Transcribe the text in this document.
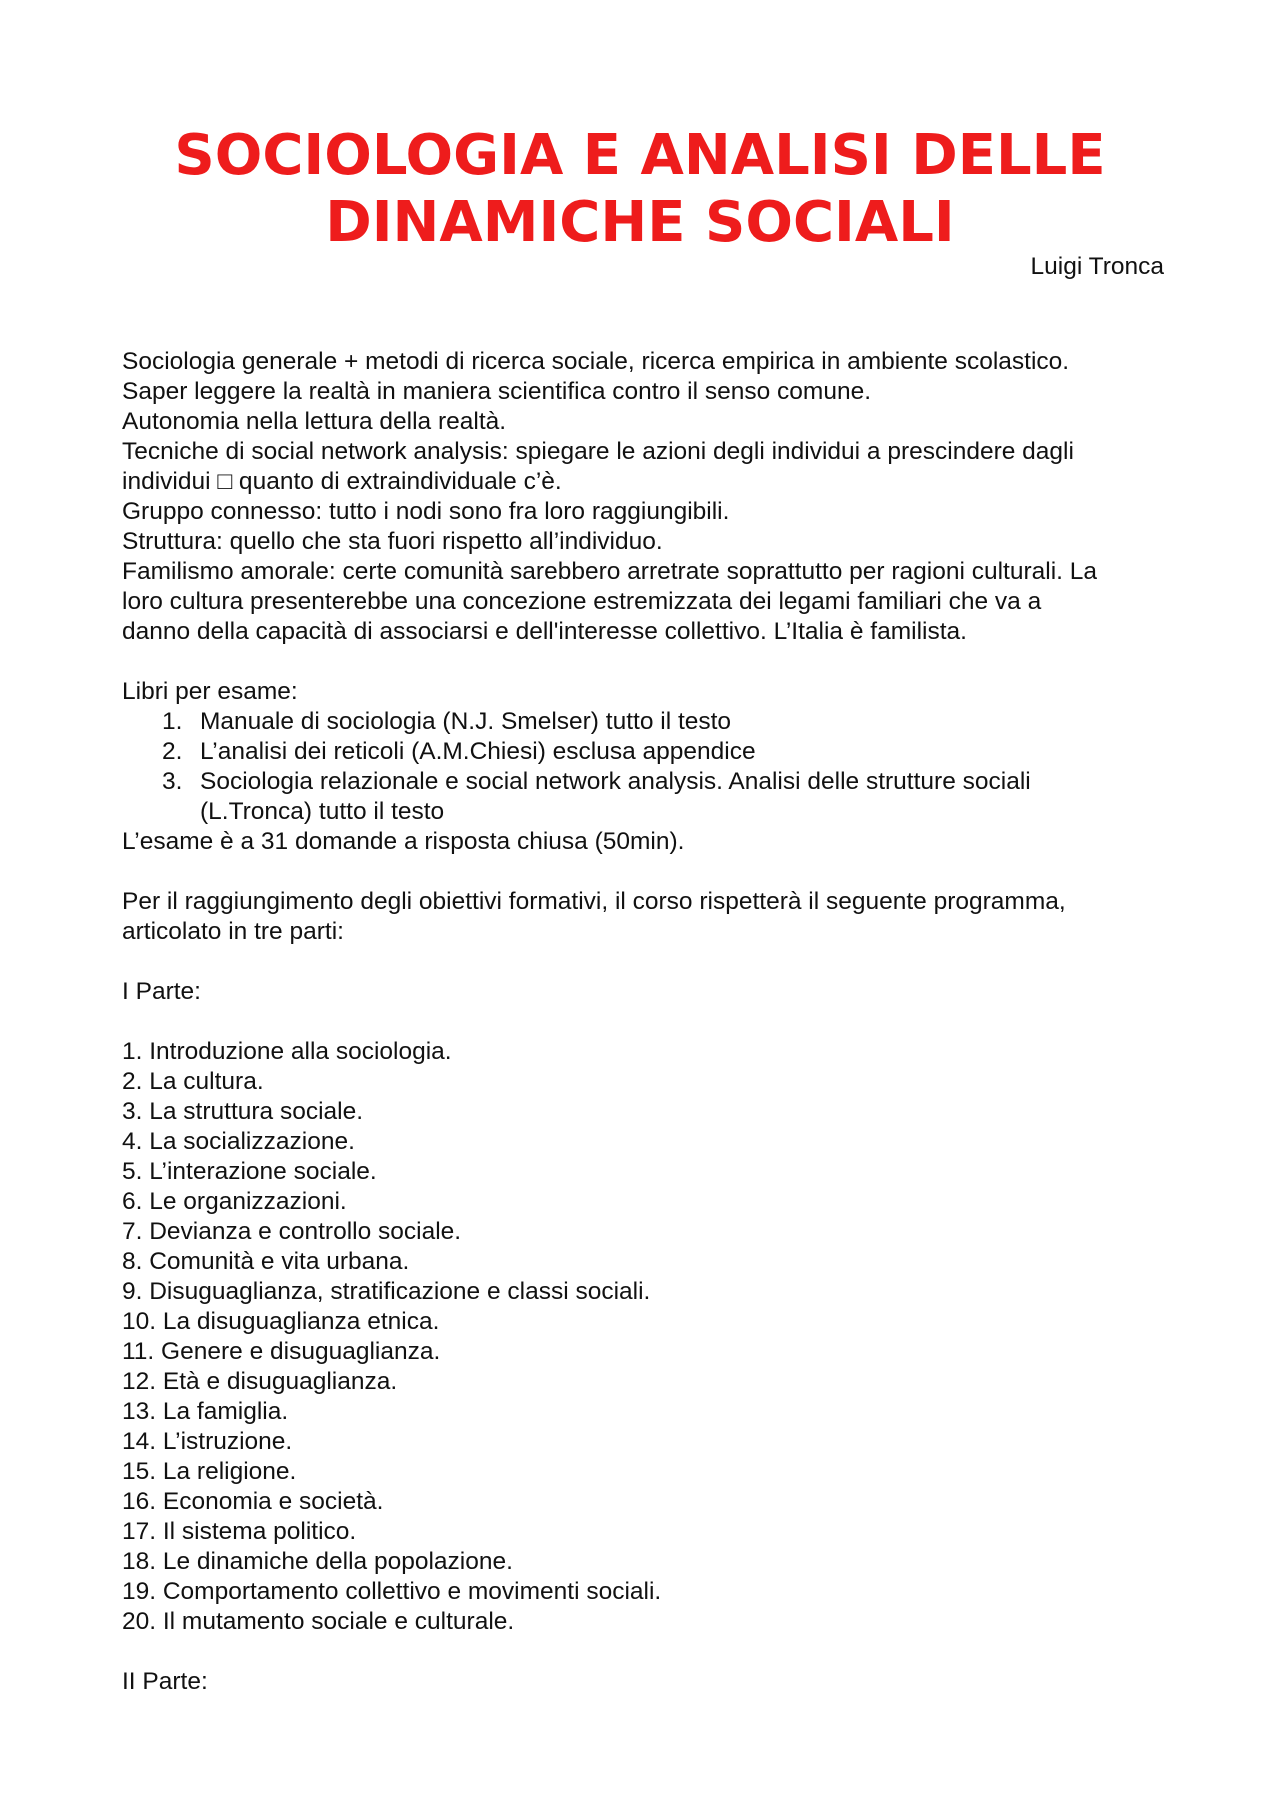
SOCIOLOGIA E ANALISI DELLE DINAMICHE SOCIALI

Luigi Tronca

Sociologia generale + metodi di ricerca sociale, ricerca empirica in ambiente scolastico.

Saper leggere la realtà in maniera scientifica contro il senso comune.

Autonomia nella lettura della realtà.

Tecniche di social network analysis: spiegare le azioni degli individui a prescindere dagli

individui □ quanto di extraindividuale c’è.

Gruppo connesso: tutto i nodi sono fra loro raggiungibili.

Struttura: quello che sta fuori rispetto all’individuo.

Familismo amorale: certe comunità sarebbero arretrate soprattutto per ragioni culturali. La

loro cultura presenterebbe una concezione estremizzata dei legami familiari che va a

danno della capacità di associarsi e dell'interesse collettivo. L’Italia è familista.

Libri per esame:

1. Manuale di sociologia (N.J. Smelser) tutto il testo

2. L’analisi dei reticoli (A.M.Chiesi) esclusa appendice

3. Sociologia relazionale e social network analysis. Analisi delle strutture sociali

(L.Tronca) tutto il testo

L’esame è a 31 domande a risposta chiusa (50min).

Per il raggiungimento degli obiettivi formativi, il corso rispetterà il seguente programma,

articolato in tre parti:

I Parte:

1. Introduzione alla sociologia.

2. La cultura.

3. La struttura sociale.

4. La socializzazione.

5. L’interazione sociale.

6. Le organizzazioni.

7. Devianza e controllo sociale.

8. Comunità e vita urbana.

9. Disuguaglianza, stratificazione e classi sociali.

10. La disuguaglianza etnica.

11. Genere e disuguaglianza.

12. Età e disuguaglianza.

13. La famiglia.

14. L’istruzione.

15. La religione.

16. Economia e società.

17. Il sistema politico.

18. Le dinamiche della popolazione.

19. Comportamento collettivo e movimenti sociali.

20. Il mutamento sociale e culturale.

II Parte:
